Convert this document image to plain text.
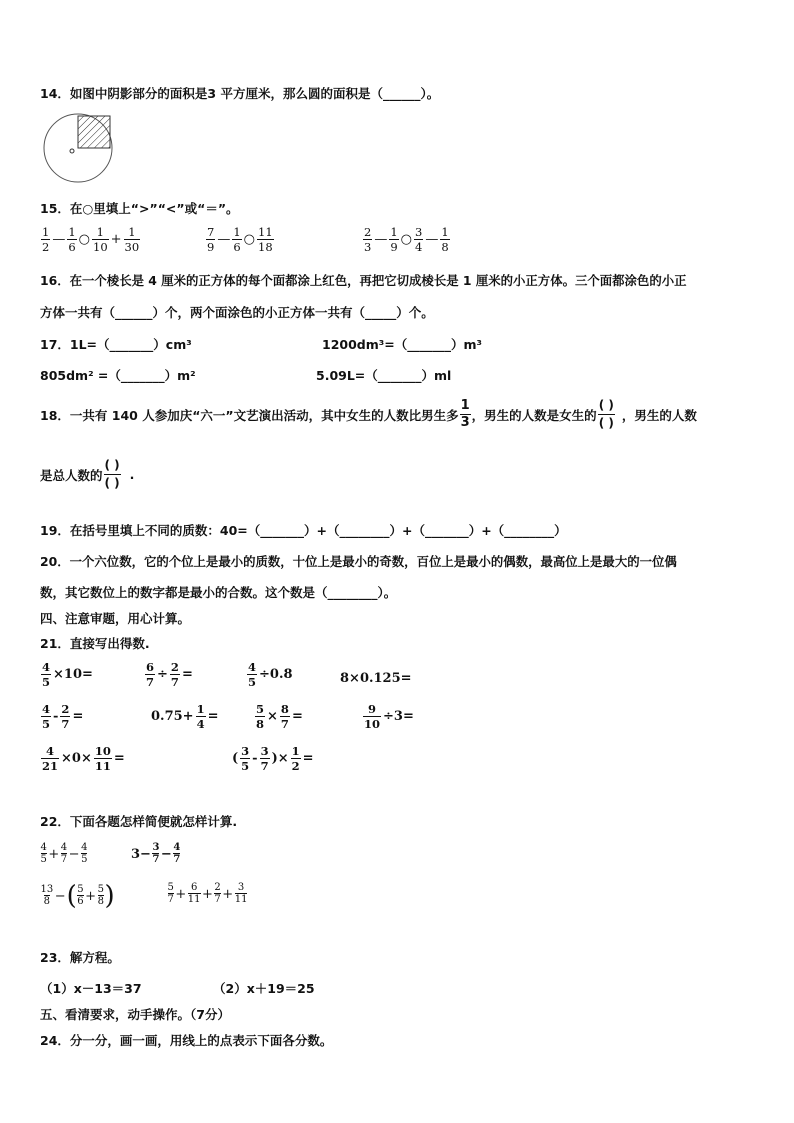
14．如图中阴影部分的面积是3 平方厘米，那么圆的面积是（______）。
15．在○里填上“>”“<”或“＝”。
$\frac{1}{2}$ — $\frac{1}{6}$ ○ $\frac{1}{10} + \frac{1}{30}$	$\frac{7}{9}$ — $\frac{1}{6}$ ○ $\frac{11}{18}$	$\frac{2}{3}$ — $\frac{1}{9}$ ○ $\frac{3}{4}$ — $\frac{1}{8}$
16．在一个棱长是 4 厘米的正方体的每个面都涂上红色，再把它切成棱长是 1 厘米的小正方体。三个面都涂色的小正
方体一共有（______）个，两个面涂色的小正方体一共有（_____）个。
17．1L=（_______）cm³	1200dm³=（_______）m³
805dm² =（_______）m²	5.09L=（_______）ml
18．一共有 140 人参加庆“六一”文艺演出活动，其中女生的人数比男生多 $\frac{1}{3}$ ，男生的人数是女生的 $\frac{( )}{( )}$ ，男生的人数
是总人数的 $\frac{( )}{( )}$ .
19．在括号里填上不同的质数：40=（_______）+（________）+（_______）+（________）
20．一个六位数，它的个位上是最小的质数，十位上是最小的奇数，百位上是最小的偶数，最高位上是最大的一位偶
数，其它数位上的数字都是最小的合数。这个数是（________）。
四、注意审题，用心计算。
21．直接写出得数.
$\frac{4}{5} \times 10=$	$\frac{6}{7} \div \frac{2}{7}$ =	$\frac{4}{5} \div 0.8$	8×0.125=
$\frac{4}{5} - \frac{2}{7}$ =	$0.75+ \frac{1}{4}$ =	$\frac{5}{8} \times \frac{8}{7}$ =	$\frac{9}{10} \div 3=$
$\frac{4}{21} \times 0\times \frac{10}{11}$ =	( $\frac{3}{5} - \frac{3}{7}$ )× $\frac{1}{2}$ =
22．下面各题怎样简便就怎样计算.
$\frac{4}{5} + \frac{4}{7} - \frac{4}{5}$	$3- \frac{3}{7} - \frac{4}{7}$
$\frac{13}{8}$ −( $\frac{5}{6} + \frac{5}{8}$ )	$\frac{5}{7} + \frac{6}{11} + \frac{2}{7} + \frac{3}{11}$
23．解方程。
（1）x－13＝37	（2）x＋19＝25
五、看清要求，动手操作。（7分）
24．分一分，画一画，用线上的点表示下面各分数。
